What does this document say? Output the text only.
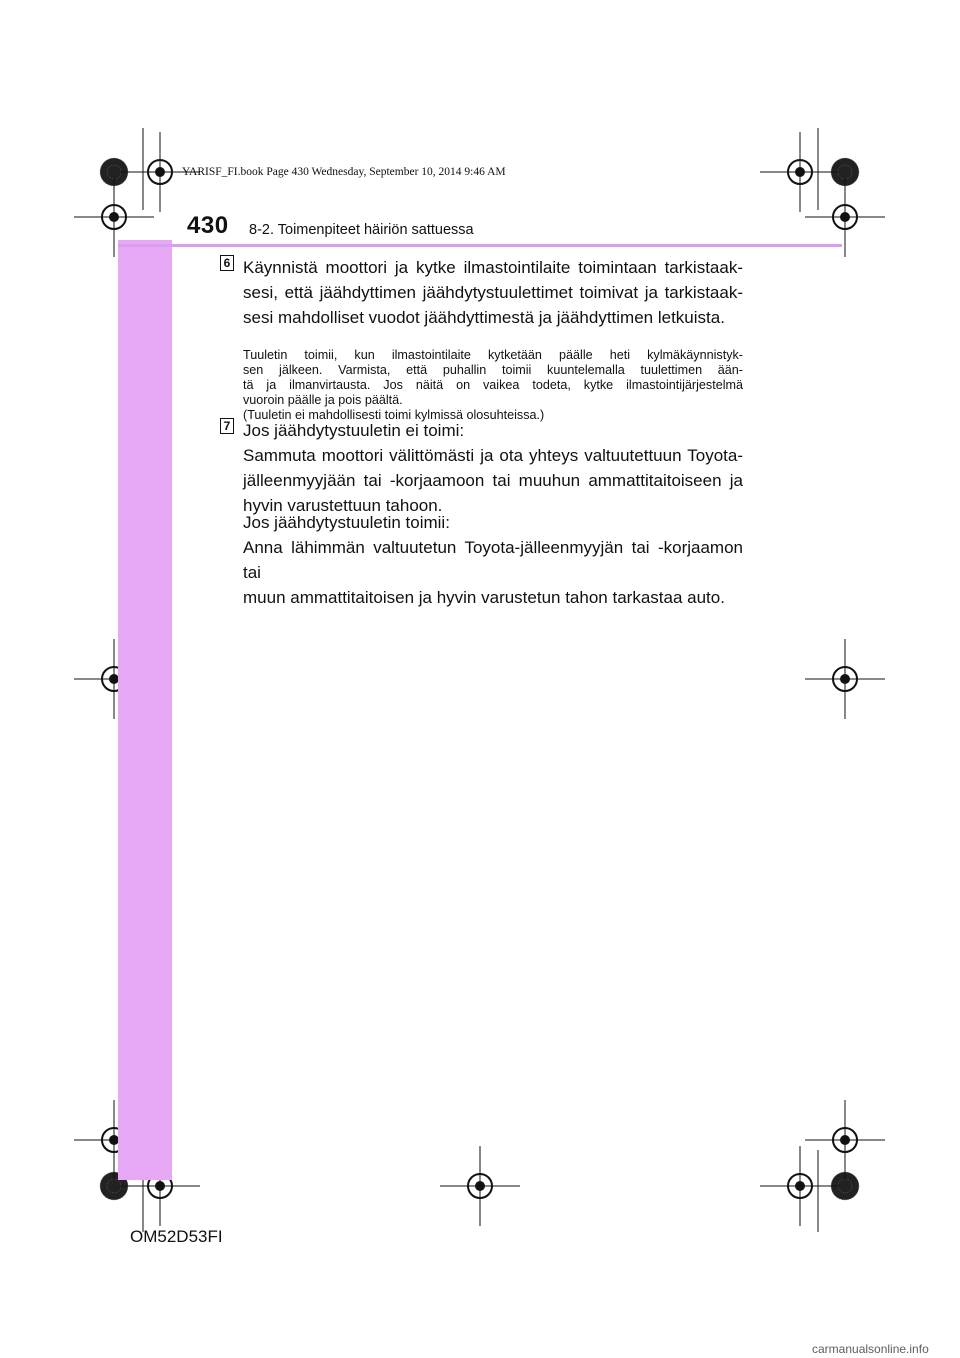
YARISF_FI.book Page 430 Wednesday, September 10, 2014 9:46 AM
430 8-2. Toimenpiteet häiriön sattuessa
6 Käynnistä moottori ja kytke ilmastointilaite toimintaan tarkistaak-
sesi, että jäähdyttimen jäähdytystuulettimet toimivat ja tarkistaak-
sesi mahdolliset vuodot jäähdyttimestä ja jäähdyttimen letkuista.
Tuuletin toimii, kun ilmastointilaite kytketään päälle heti kylmäkäynnistyk-
sen jälkeen. Varmista, että puhallin toimii kuuntelemalla tuulettimen ään-
tä ja ilmanvirtausta. Jos näitä on vaikea todeta, kytke ilmastointijärjestelmä
vuoroin päälle ja pois päältä.
(Tuuletin ei mahdollisesti toimi kylmissä olosuhteissa.)
7 Jos jäähdytystuuletin ei toimi:
Sammuta moottori välittömästi ja ota yhteys valtuutettuun Toyota-
jälleenmyyjään tai -korjaamoon tai muuhun ammattitaitoiseen ja
hyvin varustettuun tahoon.
Jos jäähdytystuuletin toimii:
Anna lähimmän valtuutetun Toyota-jälleenmyyjän tai -korjaamon tai
muun ammattitaitoisen ja hyvin varustetun tahon tarkastaa auto.
OM52D53FI
carmanualsonline.info
